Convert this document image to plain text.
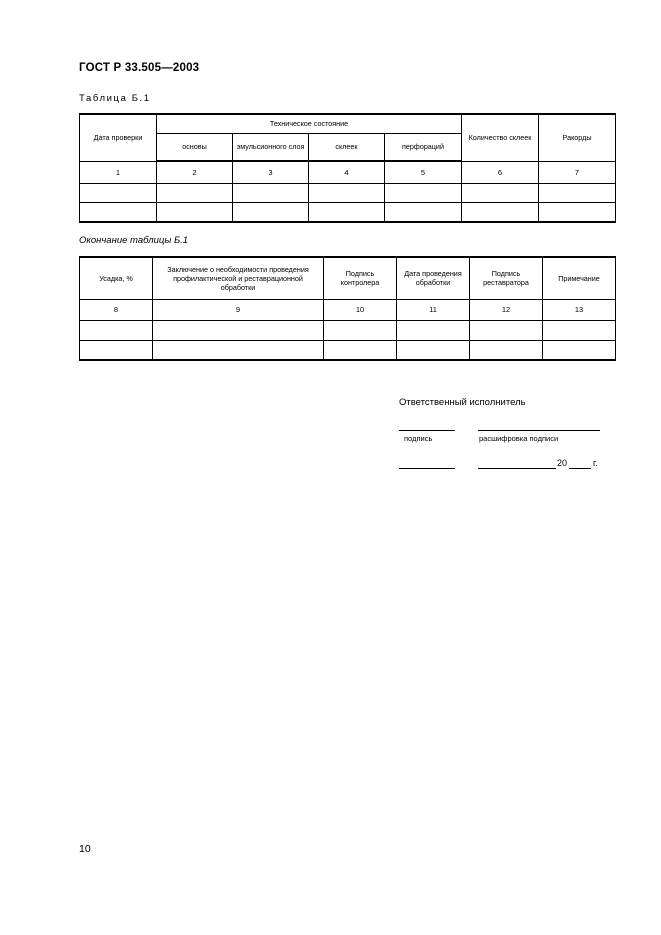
ГОСТ Р 33.505—2003
Таблица Б.1
Дата проверки	Техническое состояние				Количество склеек	Ракорды
	основы	эмульсионного слоя	склеек	перфораций		
1	2	3	4	5	6	7

Окончание таблицы Б.1
Усадка, %	Заключение о необходимости проведения профилактической и реставрационной обработки	Подпись контролера	Дата проведения обработки	Подпись реставратора	Примечание
8	9	10	11	12	13

Ответственный исполнитель
подпись	расшифровка подписи
20	г.
10
